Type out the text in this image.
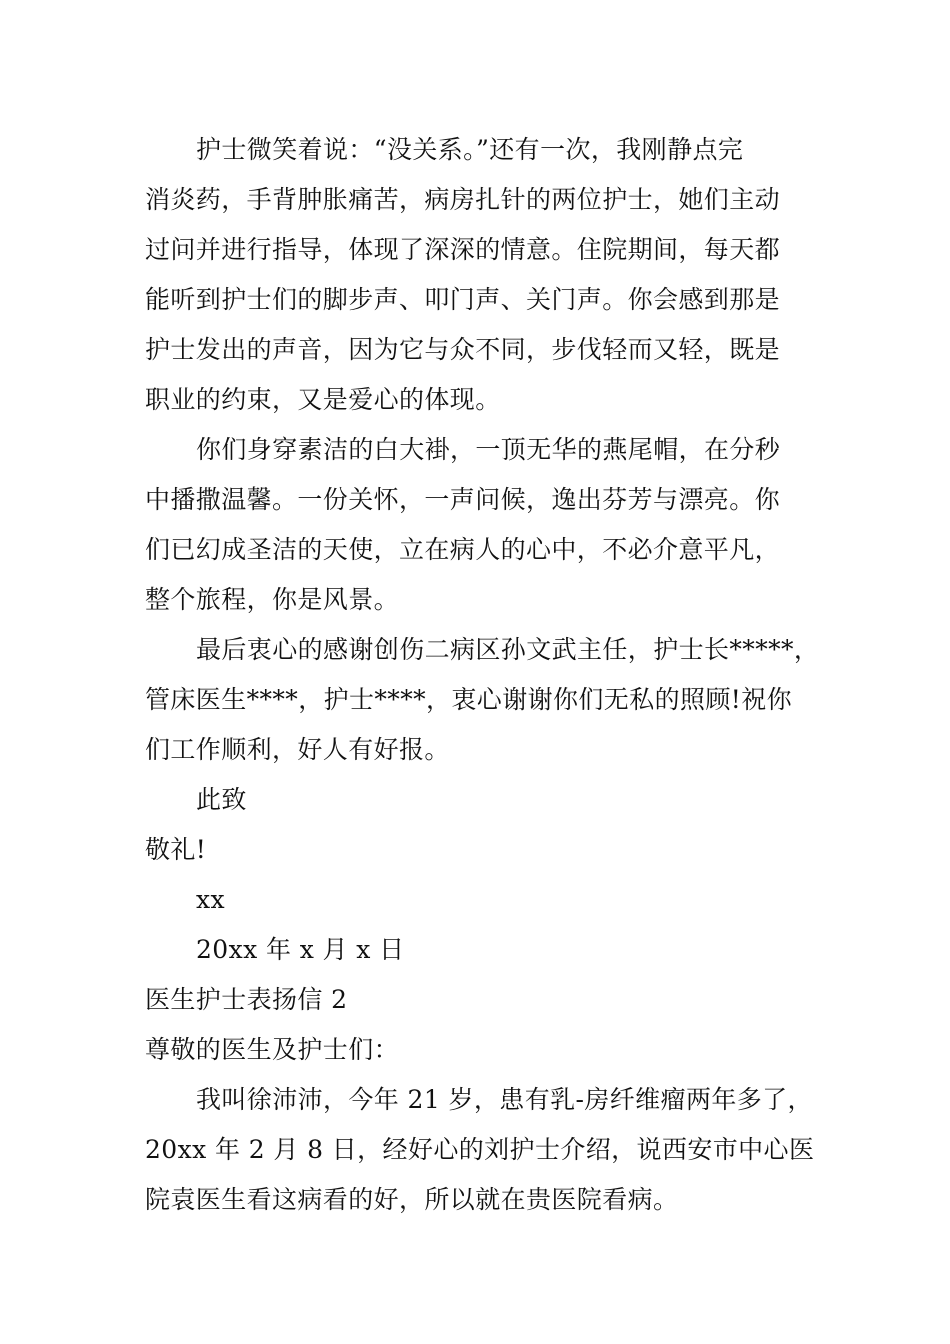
护士微笑着说：“没关系。”还有一次，我刚静点完
消炎药，手背肿胀痛苦，病房扎针的两位护士，她们主动
过问并进行指导，体现了深深的情意。住院期间，每天都
能听到护士们的脚步声、叩门声、关门声。你会感到那是
护士发出的声音，因为它与众不同，步伐轻而又轻，既是
职业的约束，又是爱心的体现。
你们身穿素洁的白大褂，一顶无华的燕尾帽，在分秒
中播撒温馨。一份关怀，一声问候，逸出芬芳与漂亮。你
们已幻成圣洁的天使，立在病人的心中，不必介意平凡，
整个旅程，你是风景。
最后衷心的感谢创伤二病区孙文武主任，护士长*****，
管床医生****，护士****，衷心谢谢你们无私的照顾!祝你
们工作顺利，好人有好报。
此致
敬礼!
xx
20xx 年 x 月 x 日
医生护士表扬信 2
尊敬的医生及护士们：
我叫徐沛沛，今年 21 岁，患有乳-房纤维瘤两年多了，
20xx 年 2 月 8 日，经好心的刘护士介绍，说西安市中心医
院袁医生看这病看的好，所以就在贵医院看病。
